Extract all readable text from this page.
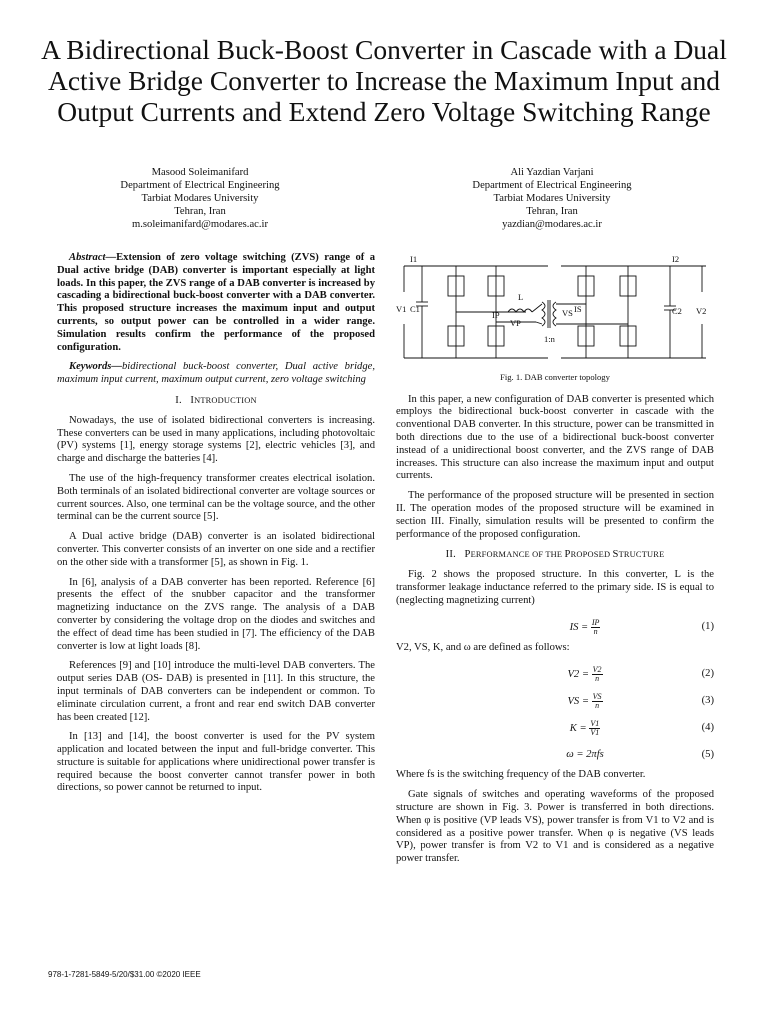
A Bidirectional Buck-Boost Converter in Cascade with a Dual Active Bridge Converter to Increase the Maximum Input and Output Currents and Extend Zero Voltage Switching Range
Masood Soleimanifard
Department of Electrical Engineering
Tarbiat Modares University
Tehran, Iran
m.soleimanifard@modares.ac.ir
Ali Yazdian Varjani
Department of Electrical Engineering
Tarbiat Modares University
Tehran, Iran
yazdian@modares.ac.ir

Abstract—Extension of zero voltage switching (ZVS) range of a Dual active bridge (DAB) converter is important especially at light loads. In this paper, the ZVS range of a DAB converter is increased by cascading a bidirectional buck-boost converter with a DAB converter. This proposed structure increases the maximum input and output currents, so output power can be controlled in a wider range. Simulation results confirm the performance of the proposed configuration.

Keywords—bidirectional buck-boost converter, Dual active bridge, maximum input current, maximum output current, zero voltage switching

I. INTRODUCTION

Nowadays, the use of isolated bidirectional converters is increasing. These converters can be used in many applications, including photovoltaic (PV) systems [1], energy storage systems [2], electric vehicles [3], and charge and discharge the batteries [4].

The use of the high-frequency transformer creates electrical isolation. Both terminals of an isolated bidirectional converter are voltage sources or current sources. Also, one terminal can be the voltage source, and the other terminal can be the current source [5].

A Dual active bridge (DAB) converter is an isolated bidirectional converter. This converter consists of an inverter on one side and a rectifier on the other side with a transformer [5], as shown in Fig. 1.

In [6], analysis of a DAB converter has been reported. Reference [6] presents the effect of the snubber capacitor and the transformer magnetizing inductance on the ZVS range. The analysis of a DAB converter by considering the voltage drop on the diodes and switches and the effect of dead time has been studied in [7]. The efficiency of the DAB converter is low at light loads [8].

References [9] and [10] introduce the multi-level DAB converters. The output series DAB (OS- DAB) is presented in [11]. In this structure, the input terminals of DAB converters can be independent or common. To eliminate circulation current, a front and rear end switch DAB converter has been created [12].

In [13] and [14], the boost converter is used for the PV system application and located between the input and full-bridge converter. This structure is suitable for applications where unidirectional power transfer is required because the boost converter cannot transfer power in both directions, so power cannot be returned to input.

I1	I2
V1 C1	C2 V2
L
IP
VP
VS IS
1:n
Fig. 1. DAB converter topology

In this paper, a new configuration of DAB converter is presented which employs the bidirectional buck-boost converter in cascade with the conventional DAB converter. In this structure, power can be transmitted in both directions due to the use of a bidirectional buck-boost converter instead of a unidirectional boost converter, and the ZVS range of DAB increases. This structure can also increase the maximum input and output currents.

The performance of the proposed structure will be presented in section II. The operation modes of the proposed structure will be examined in section III. Finally, simulation results will be presented to confirm the performance of the proposed configuration.

II. PERFORMANCE OF THE PROPOSED STRUCTURE

Fig. 2 shows the proposed structure. In this converter, L is the transformer leakage inductance referred to the primary side. IS is equal to (neglecting magnetizing current)

IS = $\frac{IP}{n}$	(1)

V2, VS, K, and ω are defined as follows:

$V2 = \frac{V2}{n}$	(2)
VS = $\frac{VS}{n}$	(3)
$K = \frac{V1}{V1}$	(4)
ω = 2πfs	(5)

Where fs is the switching frequency of the DAB converter.

Gate signals of switches and operating waveforms of the proposed structure are shown in Fig. 3. Power is transferred in both directions. When φ is positive (VP leads VS), power transfer is from V1 to V2 and is considered as a positive power transfer. When φ is negative (VS leads VP), power transfer is from V2 to V1 and is considered as a negative power transfer.

978-1-7281-5849-5/20/$31.00 ©2020 IEEE
